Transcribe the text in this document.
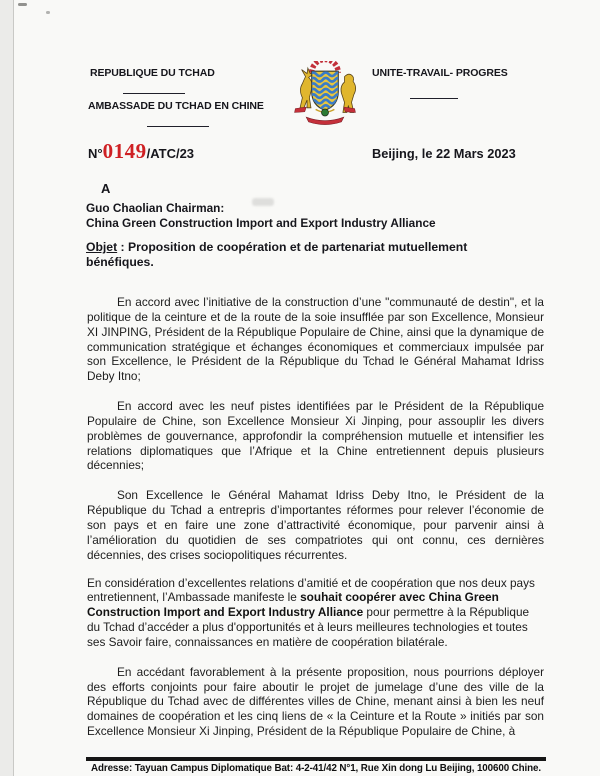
REPUBLIQUE DU TCHAD
AMBASSADE DU TCHAD EN CHINE
UNITE-TRAVAIL- PROGRES
N° 0149 /ATC/23	Beijing, le 22 Mars 2023
A
Guo Chaolian Chairman:
China Green Construction Import and Export Industry Alliance
Objet : Proposition de coopération et de partenariat mutuellement bénéfiques.

En accord avec l’initiative de la construction d’une "communauté de destin", et la politique de la ceinture et de la route de la soie insufflée par son Excellence, Monsieur XI JINPING, Président de la République Populaire de Chine, ainsi que la dynamique de communication stratégique et échanges économiques et commerciaux impulsée par son Excellence, le Président de la République du Tchad le Général Mahamat Idriss Deby Itno;

En accord avec les neuf pistes identifiées par le Président de la République Populaire de Chine, son Excellence Monsieur Xi Jinping, pour assouplir les divers problèmes de gouvernance, approfondir la compréhension mutuelle et intensifier les relations diplomatiques que l’Afrique et la Chine entretiennent depuis plusieurs décennies;

Son Excellence le Général Mahamat Idriss Deby Itno, le Président de la République du Tchad a entrepris d’importantes réformes pour relever l’économie de son pays et en faire une zone d’attractivité économique, pour parvenir ainsi à l’amélioration du quotidien de ses compatriotes qui ont connu, ces dernières décennies, des crises sociopolitiques récurrentes.

En considération d’excellentes relations d’amitié et de coopération que nos deux pays entretiennent, l’Ambassade manifeste le souhait coopérer avec China Green Construction Import and Export Industry Alliance pour permettre à la République du Tchad d’accéder a plus d'opportunités et à leurs meilleures technologies et toutes ses Savoir faire, connaissances en matière de coopération bilatérale.

En accédant favorablement à la présente proposition, nous pourrions déployer des efforts conjoints pour faire aboutir le projet de jumelage d’une des ville de la République du Tchad avec de différentes villes de Chine, menant ainsi à bien les neuf domaines de coopération et les cinq liens de « la Ceinture et la Route » initiés par son Excellence Monsieur Xi Jinping, Président de la République Populaire de Chine, à

Adresse: Tayuan Campus Diplomatique Bat: 4-2-41/42 N°1, Rue Xin dong Lu Beijing, 100600 Chine.
